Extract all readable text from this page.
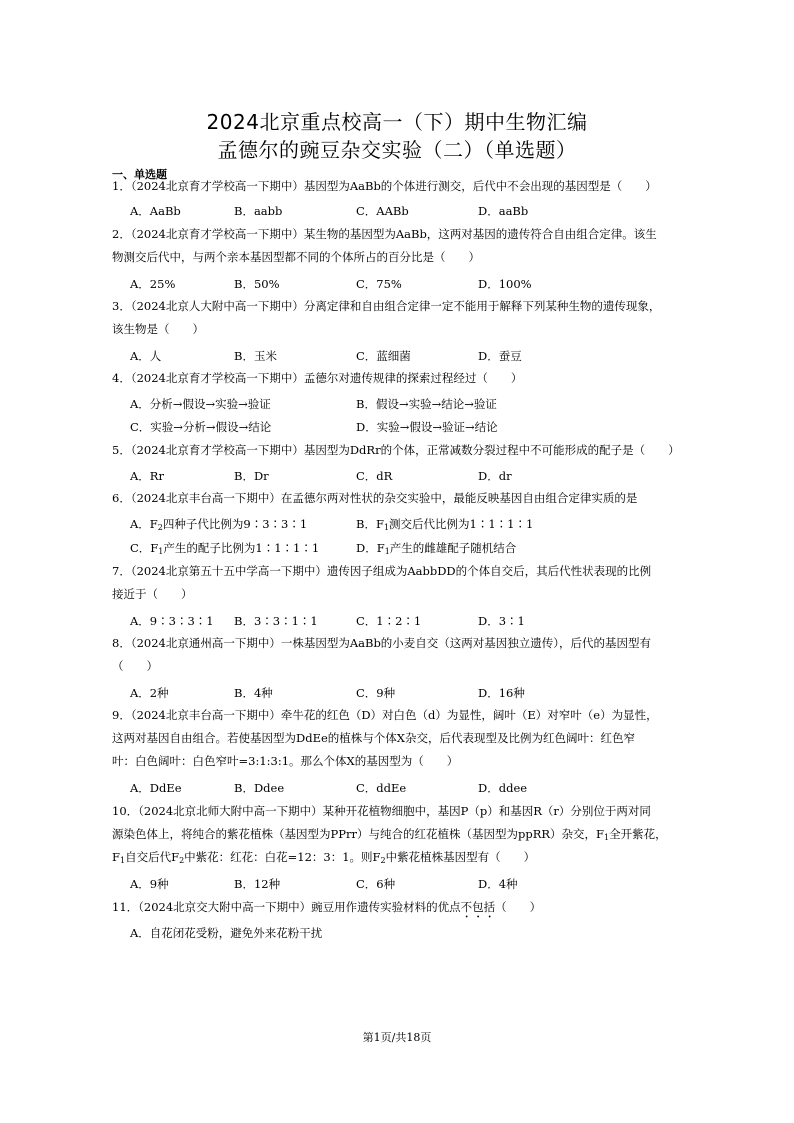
2024北京重点校高一（下）期中生物汇编
孟德尔的豌豆杂交实验（二）（单选题）
一、单选题
1．（2024北京育才学校高一下期中）基因型为AaBb的个体进行测交，后代中不会出现的基因型是（　　）
A．AaBb	B．aabb	C．AABb	D．aaBb
2．（2024北京育才学校高一下期中）某生物的基因型为AaBb，这两对基因的遗传符合自由组合定律。该生
物测交后代中，与两个亲本基因型都不同的个体所占的百分比是（　　）
A．25%	B．50%	C．75%	D．100%
3．（2024北京人大附中高一下期中）分离定律和自由组合定律一定不能用于解释下列某种生物的遗传现象，
该生物是（　　）
A．人	B．玉米	C．蓝细菌	D．蚕豆
4．（2024北京育才学校高一下期中）孟德尔对遗传规律的探索过程经过（　　）
A．分析→假设→实验→验证	B．假设→实验→结论→验证
C．实验→分析→假设→结论	D．实验→假设→验证→结论
5．（2024北京育才学校高一下期中）基因型为DdRr的个体，正常减数分裂过程中不可能形成的配子是（　　）
A．Rr	B．Dr	C．dR	D．dr
6．（2024北京丰台高一下期中）在孟德尔两对性状的杂交实验中，最能反映基因自由组合定律实质的是
A．$F_2$四种子代比例为9∶3∶3∶1	B．$F_1$测交后代比例为1∶1∶1∶1
C．$F_1$产生的配子比例为1∶1∶1∶1	D．$F_1$产生的雌雄配子随机结合
7．（2024北京第五十五中学高一下期中）遗传因子组成为AabbDD的个体自交后，其后代性状表现的比例
接近于（　　）
A．9∶3∶3∶1 B．3∶3∶1∶1	C．1∶2∶1	D．3∶1
8．（2024北京通州高一下期中）一株基因型为AaBb的小麦自交（这两对基因独立遗传），后代的基因型有
（　　）
A．2种	B．4种	C．9种	D．16种
9．（2024北京丰台高一下期中）牵牛花的红色（D）对白色（d）为显性，阔叶（E）对窄叶（e）为显性，
这两对基因自由组合。若使基因型为DdEe的植株与个体X杂交，后代表现型及比例为红色阔叶：红色窄
叶：白色阔叶：白色窄叶=3:1:3:1。那么个体X的基因型为（　　）
A．DdEe	B．Ddee	C．ddEe	D．ddee
10．（2024北京北师大附中高一下期中）某种开花植物细胞中，基因P（p）和基因R（r）分别位于两对同
源染色体上，将纯合的紫花植株（基因型为PPrr）与纯合的红花植株（基因型为ppRR）杂交，$F_1$全开紫花，
$F_1$自交后代$F_2$中紫花：红花：白花=12：3：1。则$F_2$中紫花植株基因型有（　　）
A．9种	B．12种	C．6种	D．4种
11．（2024北京交大附中高一下期中）豌豆用作遗传实验材料的优点不包括（　　）
A．自花闭花受粉，避免外来花粉干扰
第1页/共18页
